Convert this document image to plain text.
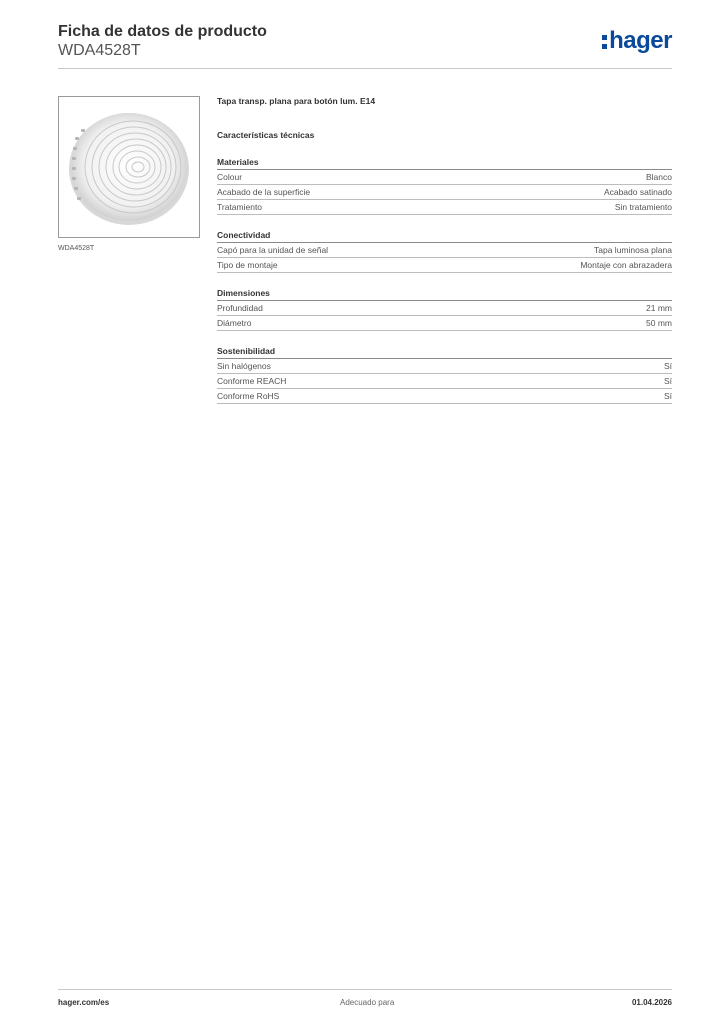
Ficha de datos de producto
WDA4528T	hager
WDA4528T
Tapa transp. plana para botón lum. E14
Características técnicas
Materiales
Colour	Blanco
Acabado de la superficie	Acabado satinado
Tratamiento	Sin tratamiento
Conectividad
Capó para la unidad de señal	Tapa luminosa plana
Tipo de montaje	Montaje con abrazadera
Dimensiones
Profundidad	21 mm
Diámetro	50 mm
Sostenibilidad
Sin halógenos	Sí
Conforme REACH	Sí
Conforme RoHS	Sí
hager.com/es	Adecuado para	01.04.2026
